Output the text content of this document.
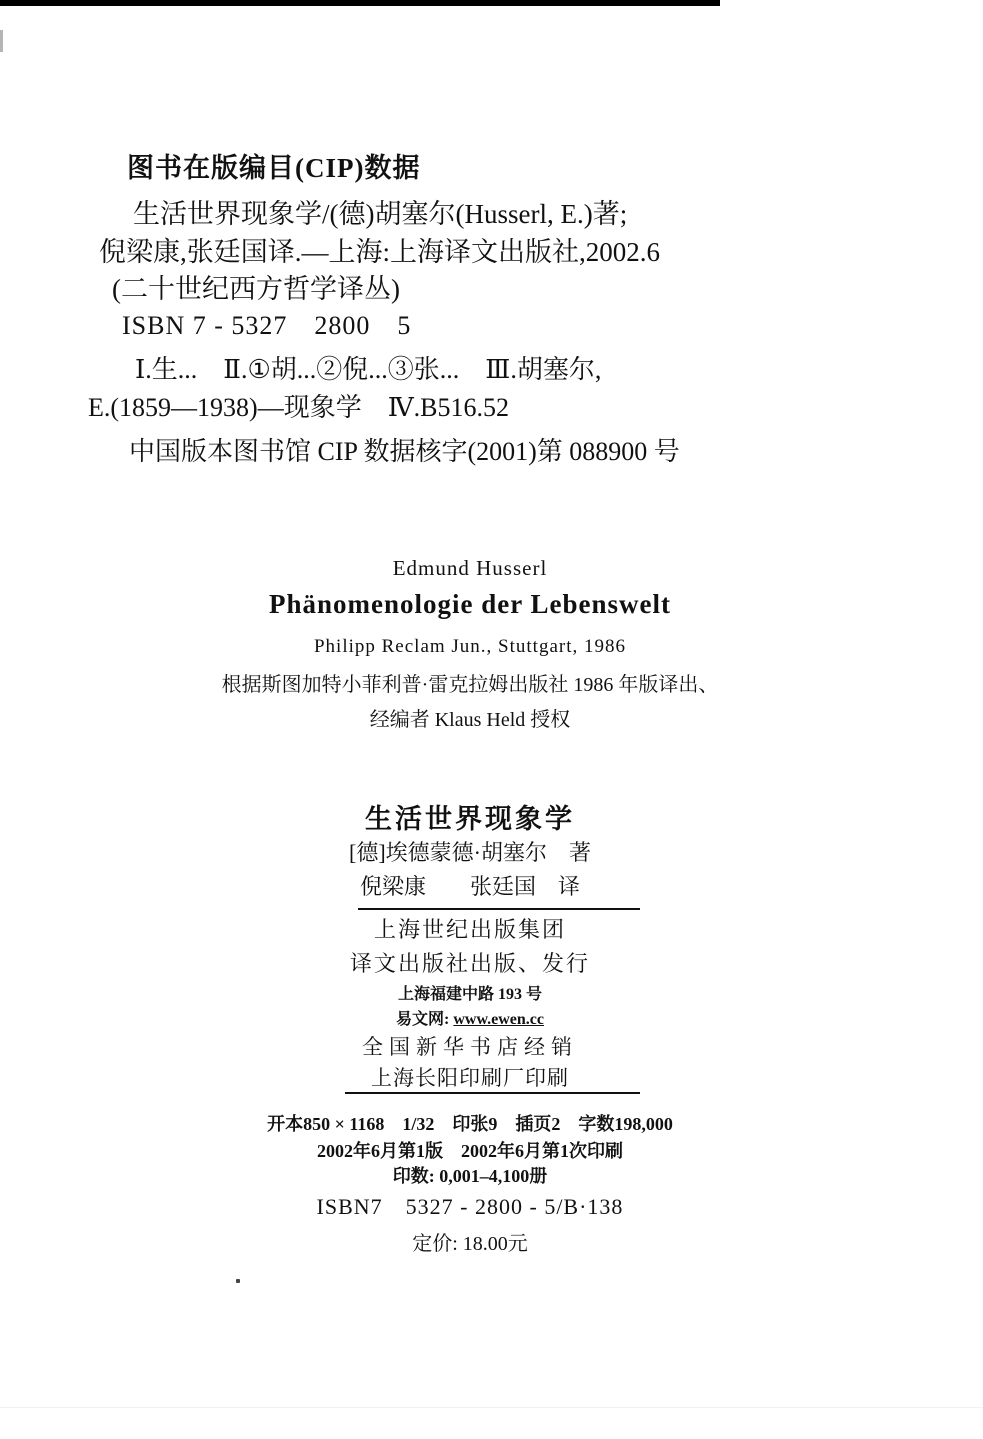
图书在版编目(CIP)数据
生活世界现象学/(德)胡塞尔(Husserl, E.)著;
倪梁康,张廷国译.—上海:上海译文出版社,2002.6
(二十世纪西方哲学译丛)
ISBN 7 - 5327　2800　5
Ⅰ.生...　Ⅱ.①胡...②倪...③张...　Ⅲ.胡塞尔,
E.(1859—1938)—现象学　Ⅳ.B516.52
中国版本图书馆 CIP 数据核字(2001)第 088900 号
Edmund Husserl
Phänomenologie der Lebenswelt
Philipp Reclam Jun., Stuttgart, 1986
根据斯图加特小菲利普·雷克拉姆出版社 1986 年版译出、
经编者 Klaus Held 授权
生活世界现象学
[德]埃德蒙德·胡塞尔　著
倪梁康　　张廷国　译
上海世纪出版集团
译文出版社出版、发行
上海福建中路 193 号
易文网: www.ewen.cc
全国新华书店经销
上海长阳印刷厂印刷
开本850 × 1168　1/32　印张9　插页2　字数198,000
2002年6月第1版　2002年6月第1次印刷
印数: 0,001–4,100册
ISBN7　5327 - 2800 - 5/B·138
定价: 18.00元
